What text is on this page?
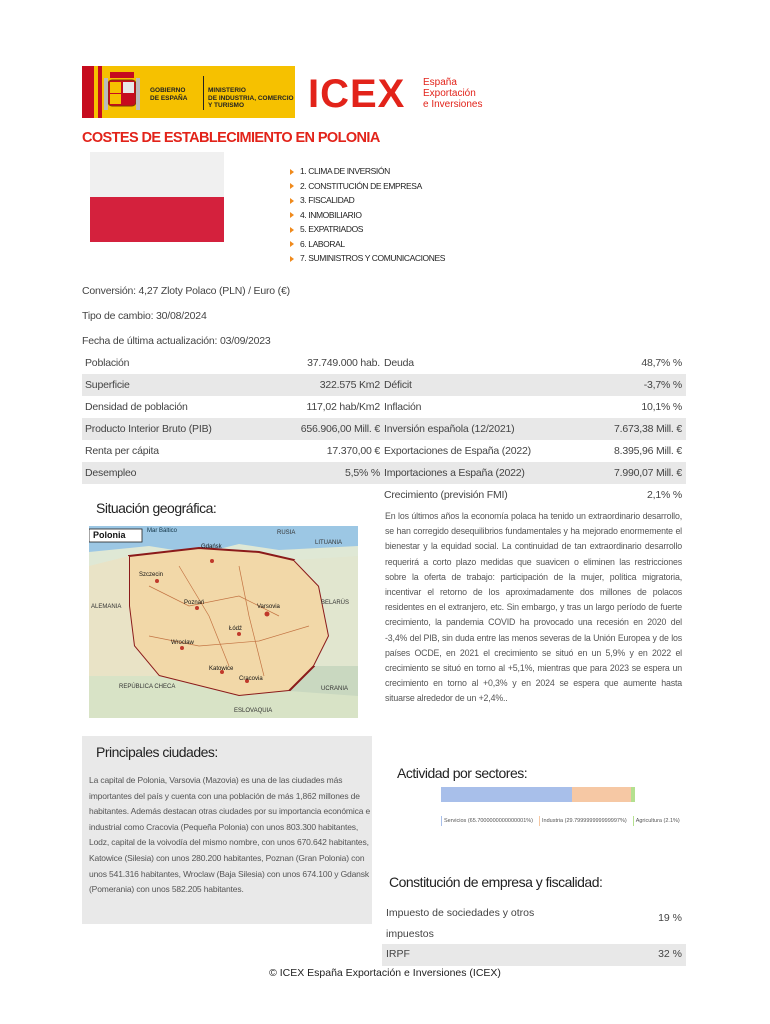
GOBIERNO
DE ESPAÑA
MINISTERIO
DE INDUSTRIA, COMERCIO
Y TURISMO	ICEX España
Exportación
e Inversiones
COSTES DE ESTABLECIMIENTO EN POLONIA
1. CLIMA DE INVERSIÓN
2. CONSTITUCIÓN DE EMPRESA
3. FISCALIDAD
4. INMOBILIARIO
5. EXPATRIADOS
6. LABORAL
7. SUMINISTROS Y COMUNICACIONES
Conversión: 4,27 Zloty Polaco (PLN) / Euro (€)
Tipo de cambio: 30/08/2024
Fecha de última actualización: 03/09/2023
Población	37.749.000 hab. Deuda	48,7% %
Superficie	322.575 Km2 Déficit	-3,7% %
Densidad de población	117,02 hab/Km2 Inflación	10,1% %
Producto Interior Bruto (PIB)	656.906,00 Mill. € Inversión española (12/2021)	7.673,38 Mill. €
Renta per cápita	17.370,00 € Exportaciones de España (2022)	8.395,96 Mill. €
Desempleo	5,5% % Importaciones a España (2022)	7.990,07 Mill. €
Crecimiento (previsión FMI)	2,1% %
Situación geográfica:
Polonia	Mar Báltico
Gdańsk
RUSIA
LITUANIA
Szczecin
Poznań
Varsovia
Łódź
BELARÚS
ALEMANIA
Wrocław
Katowice
Cracovia
REPÚBLICA CHECA
ESLOVAQUIA
UCRANIA
En los últimos años la economía polaca ha tenido un extraordinario desarrollo, se han corregido desequilibrios fundamentales y ha mejorado enormemente el bienestar y la equidad social. La continuidad de tan extraordinario desarrollo requerirá a corto plazo medidas que suavicen o eliminen las restricciones sobre la oferta de trabajo: participación de la mujer, política migratoria, incentivar el retorno de los aproximadamente dos millones de polacos residentes en el extranjero, etc. Sin embargo, y tras un largo período de fuerte crecimiento, la pandemia COVID ha provocado una recesión en 2020 del -3,4% del PIB, sin duda entre las menos severas de la Unión Europea y de los países OCDE, en 2021 el crecimiento se situó en un 5,9% y en 2022 el crecimiento se situó en torno al +5,1%, mientras que para 2023 se espera un crecimiento en torno al +0,3% y en 2024 se espera que aumente hasta situarse alrededor de un +2,4%..
Principales ciudades:
La capital de Polonia, Varsovia (Mazovia) es una de las ciudades más importantes del país y cuenta con una población de más 1,862 millones de habitantes. Además destacan otras ciudades por su importancia económica e industrial como Cracovia (Pequeña Polonia) con unos 803.300 habitantes, Lodz, capital de la voivodía del mismo nombre, con unos 670.642 habitantes, Katowice (Silesia) con unos 280.200 habitantes, Poznan (Gran Polonia) con unos 541.316 habitantes, Wroclaw (Baja Silesia) con unos 674.100 y Gdansk (Pomerania) con unos 582.205 habitantes.
Actividad por sectores:
Servicios (65.7000000000000001%) Industria (29.799999999999997%) Agricultura (2.1%)
Constitución de empresa y fiscalidad:
Impuesto de sociedades y otros impuestos
19 %
IRPF	32 %
© ICEX España Exportación e Inversiones (ICEX)
